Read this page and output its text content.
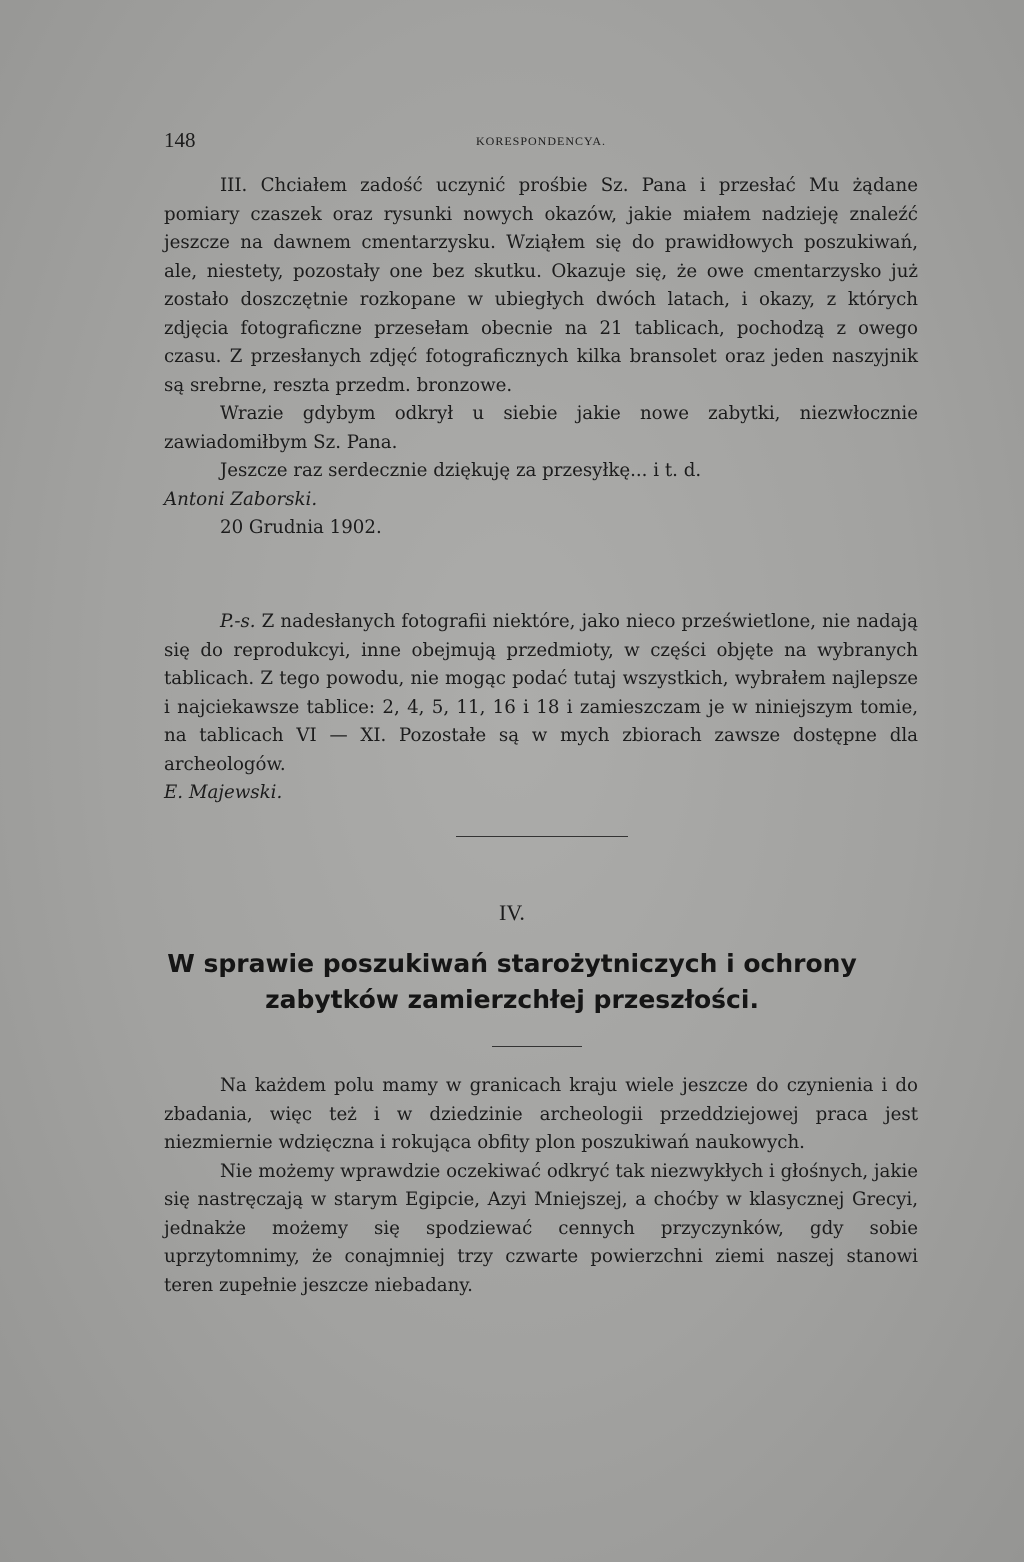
148	KORESPONDENCYA.

III. Chciałem zadość uczynić prośbie Sz. Pana i przesłać Mu żądane pomiary czaszek oraz rysunki nowych okazów, jakie miałem nadzieję znaleźć jeszcze na dawnem cmentarzysku. Wziąłem się do prawidłowych poszukiwań, ale, niestety, pozostały one bez skutku. Okazuje się, że owe cmentarzysko już zostało doszczętnie rozkopane w ubiegłych dwóch latach, i okazy, z których zdjęcia fotograficzne przesełam obecnie na 21 tablicach, pochodzą z owego czasu. Z przesłanych zdjęć fotograficznych kilka bransolet oraz jeden naszyjnik są srebrne, reszta przedm. bronzowe.

Wrazie gdybym odkrył u siebie jakie nowe zabytki, niezwłocznie zawiadomiłbym Sz. Pana.

Jeszcze raz serdecznie dziękuję za przesyłkę... i t. d.

Antoni Zaborski.

20 Grudnia 1902.

P.-s. Z nadesłanych fotografii niektóre, jako nieco prześwietlone, nie nadają się do reprodukcyi, inne obejmują przedmioty, w części objęte na wybranych tablicach. Z tego powodu, nie mogąc podać tutaj wszystkich, wybrałem najlepsze i najciekawsze tablice: 2, 4, 5, 11, 16 i 18 i zamieszczam je w niniejszym tomie, na tablicach VI — XI. Pozostałe są w mych zbiorach zawsze dostępne dla archeologów.

E. Majewski.

IV.
W sprawie poszukiwań starożytniczych i ochrony
zabytków zamierzchłej przeszłości.

Na każdem polu mamy w granicach kraju wiele jeszcze do czynienia i do zbadania, więc też i w dziedzinie archeologii przeddziejowej praca jest niezmiernie wdzięczna i rokująca obfity plon poszukiwań naukowych.

Nie możemy wprawdzie oczekiwać odkryć tak niezwykłych i głośnych, jakie się nastręczają w starym Egipcie, Azyi Mniejszej, a choćby w klasycznej Grecyi, jednakże możemy się spodziewać cennych przyczynków, gdy sobie uprzytomnimy, że conajmniej trzy czwarte powierzchni ziemi naszej stanowi teren zupełnie jeszcze niebadany.
